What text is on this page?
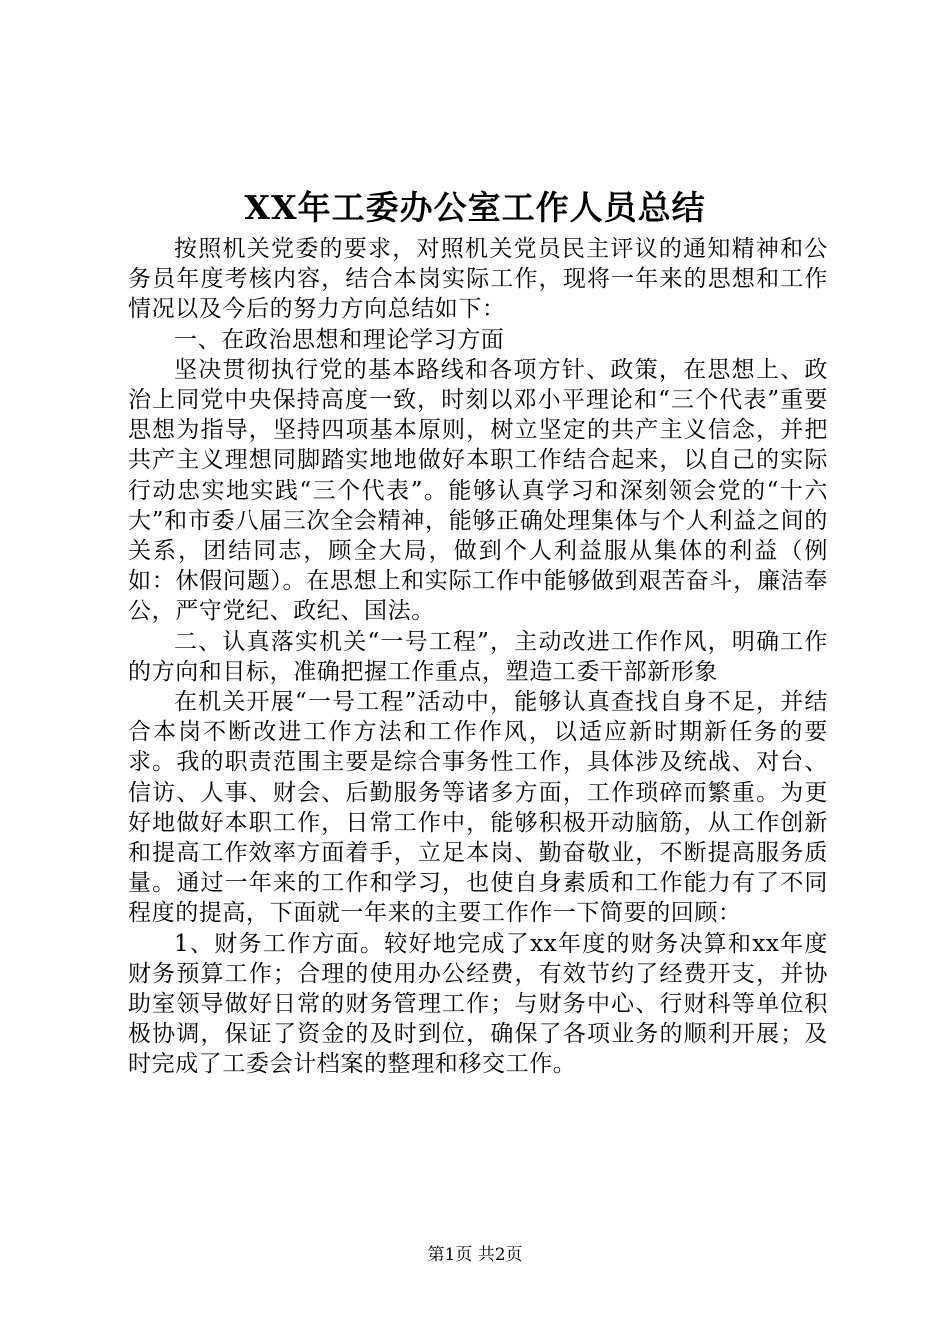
XX年工委办公室工作人员总结

按照机关党委的要求，对照机关党员民主评议的通知精神和公务员年度考核内容，结合本岗实际工作，现将一年来的思想和工作情况以及今后的努力方向总结如下：

一、在政治思想和理论学习方面

坚决贯彻执行党的基本路线和各项方针、政策，在思想上、政治上同党中央保持高度一致，时刻以邓小平理论和“三个代表”重要思想为指导，坚持四项基本原则，树立坚定的共产主义信念，并把共产主义理想同脚踏实地地做好本职工作结合起来，以自己的实际行动忠实地实践“三个代表”。能够认真学习和深刻领会党的“十六大”和市委八届三次全会精神，能够正确处理集体与个人利益之间的关系，团结同志，顾全大局，做到个人利益服从集体的利益（例如：休假问题）。在思想上和实际工作中能够做到艰苦奋斗，廉洁奉公，严守党纪、政纪、国法。

二、认真落实机关“一号工程”，主动改进工作作风，明确工作的方向和目标，准确把握工作重点，塑造工委干部新形象

在机关开展“一号工程”活动中，能够认真查找自身不足，并结合本岗不断改进工作方法和工作作风，以适应新时期新任务的要求。我的职责范围主要是综合事务性工作，具体涉及统战、对台、信访、人事、财会、后勤服务等诸多方面，工作琐碎而繁重。为更好地做好本职工作，日常工作中，能够积极开动脑筋，从工作创新和提高工作效率方面着手，立足本岗、勤奋敬业，不断提高服务质量。通过一年来的工作和学习，也使自身素质和工作能力有了不同程度的提高，下面就一年来的主要工作作一下简要的回顾：

1、财务工作方面。较好地完成了xx年度的财务决算和xx年度财务预算工作；合理的使用办公经费，有效节约了经费开支，并协助室领导做好日常的财务管理工作；与财务中心、行财科等单位积极协调，保证了资金的及时到位，确保了各项业务的顺利开展；及时完成了工委会计档案的整理和移交工作。

第1页 共2页
